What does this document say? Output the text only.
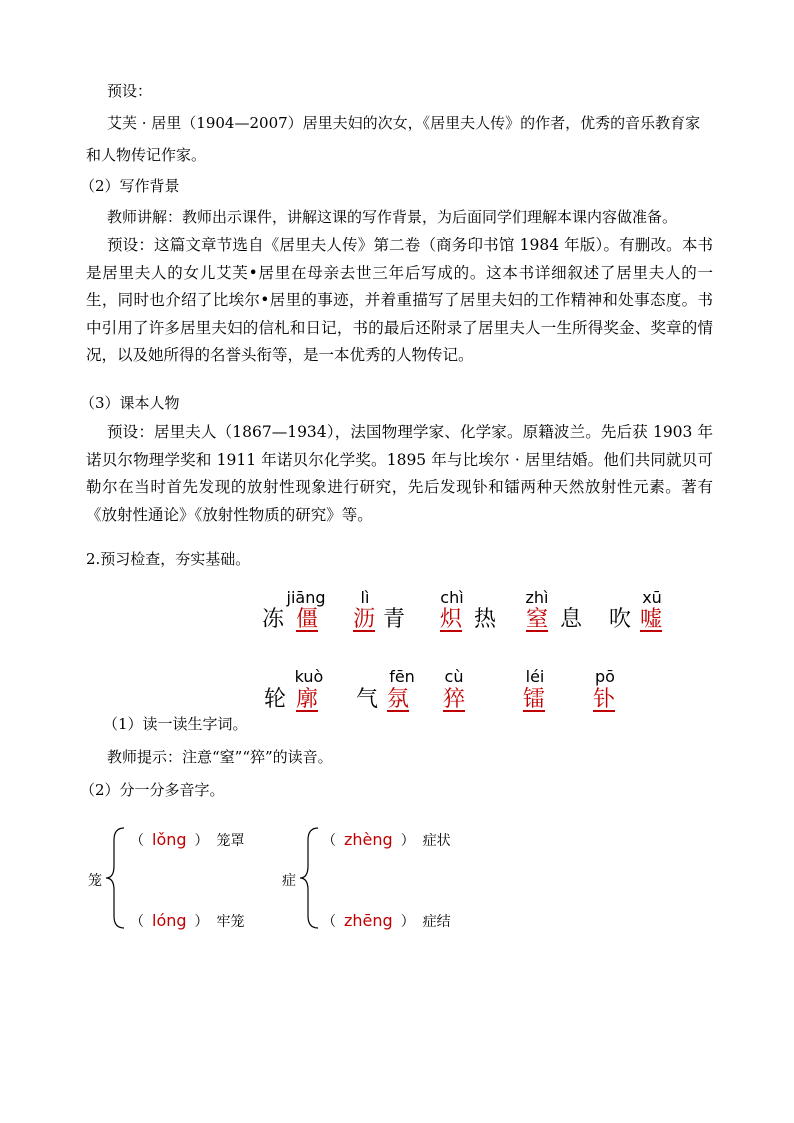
预设：
艾芙 · 居里（1904—2007）居里夫妇的次女，《居里夫人传》的作者，优秀的音乐教育家
和人物传记作家。
（2）写作背景
教师讲解：教师出示课件，讲解这课的写作背景，为后面同学们理解本课内容做准备。
预设：这篇文章节选自《居里夫人传》第二卷（商务印书馆 1984 年版）。有删改。本书是居里夫人的女儿艾芙•居里在母亲去世三年后写成的。这本书详细叙述了居里夫人的一生，同时也介绍了比埃尔•居里的事迹，并着重描写了居里夫妇的工作精神和处事态度。书中引用了许多居里夫妇的信札和日记，书的最后还附录了居里夫人一生所得奖金、奖章的情况，以及她所得的名誉头衔等，是一本优秀的人物传记。
（3）课本人物
预设：居里夫人（1867—1934），法国物理学家、化学家。原籍波兰。先后获 1903 年诺贝尔物理学奖和 1911 年诺贝尔化学奖。1895 年与比埃尔 · 居里结婚。他们共同就贝可勒尔在当时首先发现的放射性现象进行研究，先后发现钋和镭两种天然放射性元素。著有《放射性通论》《放射性物质的研究》等。
2.预习检查，夯实基础。
jiāng
冻 僵
lì
沥 青
chì
炽 热
zhì
窒 息
xū
吹 嘘
kuò
轮 廓
fēn
气 氛
cù
猝
léi
镭
pō
钋
（1）读一读生字词。
教师提示：注意“窒”“猝”的读音。
（2）分一分多音字。
笼
（ lǒng ） 笼罩
（ lóng ） 牢笼
症
（ zhèng ） 症状
（ zhēng ） 症结
